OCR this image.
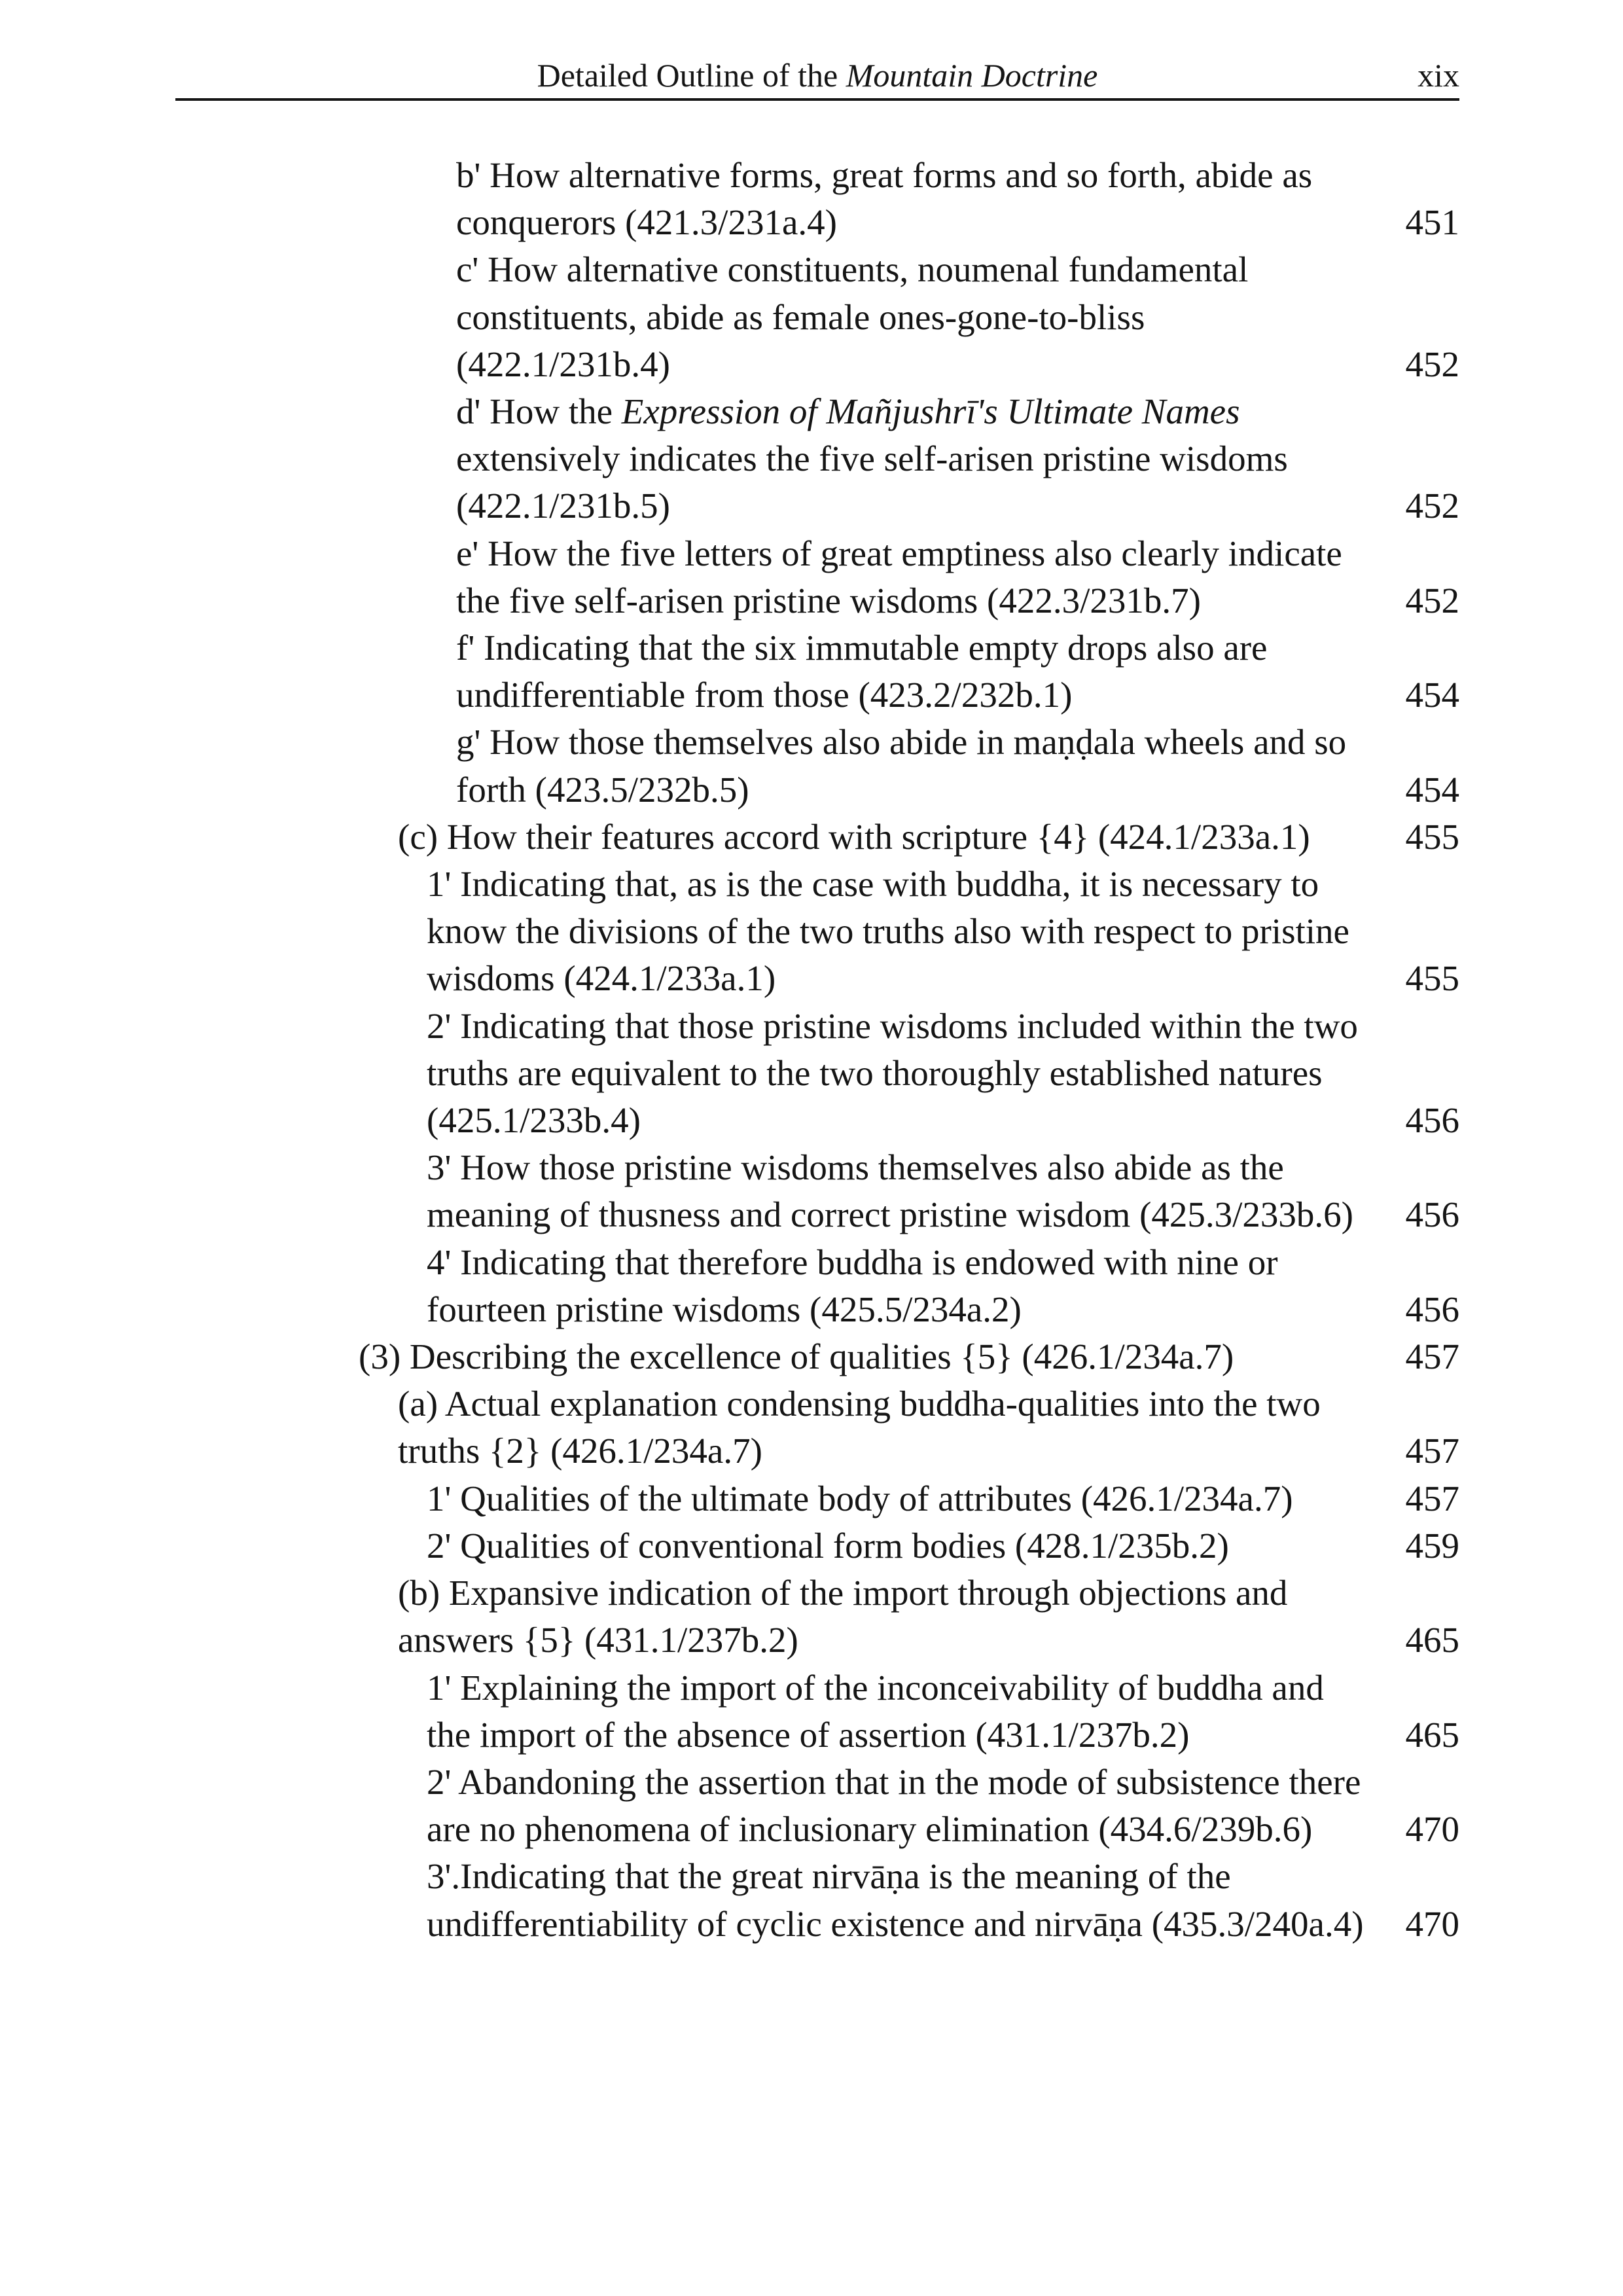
Detailed Outline of the Mountain Doctrine	xix
b' How alternative forms, great forms and so forth, abide as conquerors (421.3/231a.4)	451
c' How alternative constituents, noumenal fundamental constituents, abide as female ones-gone-to-bliss (422.1/231b.4)	452
d' How the Expression of Mañjushrī's Ultimate Names extensively indicates the five self-arisen pristine wisdoms (422.1/231b.5)	452
e' How the five letters of great emptiness also clearly indicate the five self-arisen pristine wisdoms (422.3/231b.7)	452
f' Indicating that the six immutable empty drops also are undifferentiable from those (423.2/232b.1)	454
g' How those themselves also abide in maṇḍala wheels and so forth (423.5/232b.5)	454
(c) How their features accord with scripture {4} (424.1/233a.1)	455
1' Indicating that, as is the case with buddha, it is necessary to know the divisions of the two truths also with respect to pristine wisdoms (424.1/233a.1)	455
2' Indicating that those pristine wisdoms included within the two truths are equivalent to the two thoroughly established natures (425.1/233b.4)	456
3' How those pristine wisdoms themselves also abide as the meaning of thusness and correct pristine wisdom (425.3/233b.6)	456
4' Indicating that therefore buddha is endowed with nine or fourteen pristine wisdoms (425.5/234a.2)	456
(3) Describing the excellence of qualities {5} (426.1/234a.7)	457
(a) Actual explanation condensing buddha-qualities into the two truths {2} (426.1/234a.7)	457
1' Qualities of the ultimate body of attributes (426.1/234a.7)	457
2' Qualities of conventional form bodies (428.1/235b.2)	459
(b) Expansive indication of the import through objections and answers {5} (431.1/237b.2)	465
1' Explaining the import of the inconceivability of buddha and the import of the absence of assertion (431.1/237b.2)	465
2' Abandoning the assertion that in the mode of subsistence there are no phenomena of inclusionary elimination (434.6/239b.6)	470
3'.Indicating that the great nirvāṇa is the meaning of the undifferentiability of cyclic existence and nirvāṇa (435.3/240a.4) 470
